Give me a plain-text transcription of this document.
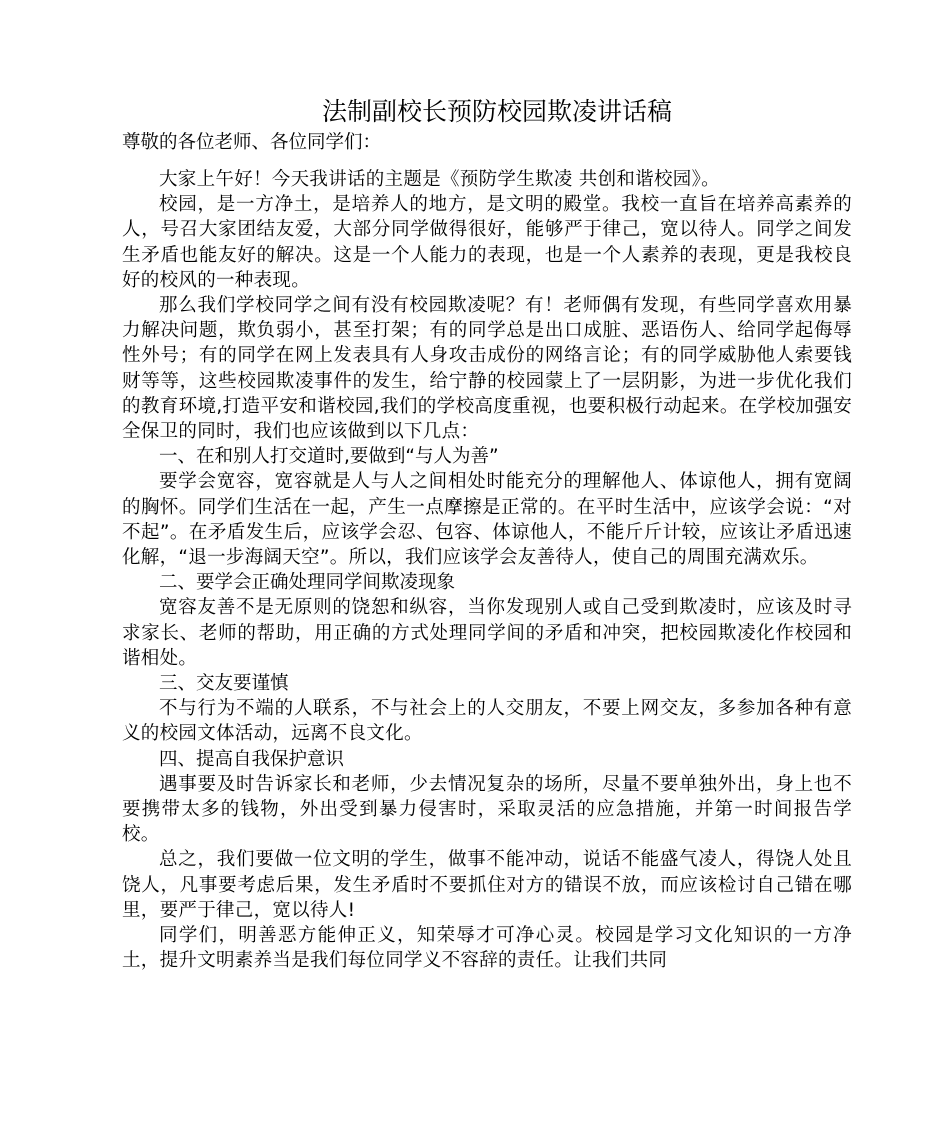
法制副校长预防校园欺凌讲话稿

尊敬的各位老师、各位同学们：

大家上午好！今天我讲话的主题是《预防学生欺凌 共创和谐校园》。

校园，是一方净土，是培养人的地方，是文明的殿堂。我校一直旨在培养高素养的人，号召大家团结友爱，大部分同学做得很好，能够严于律己，宽以待人。同学之间发生矛盾也能友好的解决。这是一个人能力的表现，也是一个人素养的表现，更是我校良好的校风的一种表现。

那么我们学校同学之间有没有校园欺凌呢？有！老师偶有发现，有些同学喜欢用暴力解决问题，欺负弱小，甚至打架；有的同学总是出口成脏、恶语伤人、给同学起侮辱性外号；有的同学在网上发表具有人身攻击成份的网络言论；有的同学威胁他人索要钱财等等，这些校园欺凌事件的发生，给宁静的校园蒙上了一层阴影，为进一步优化我们的教育环境,打造平安和谐校园,我们的学校高度重视，也要积极行动起来。在学校加强安全保卫的同时，我们也应该做到以下几点：

一、在和别人打交道时,要做到“与人为善”

要学会宽容，宽容就是人与人之间相处时能充分的理解他人、体谅他人，拥有宽阔的胸怀。同学们生活在一起，产生一点摩擦是正常的。在平时生活中，应该学会说：“对不起”。在矛盾发生后，应该学会忍、包容、体谅他人，不能斤斤计较，应该让矛盾迅速化解，“退一步海阔天空”。所以，我们应该学会友善待人，使自己的周围充满欢乐。

二、要学会正确处理同学间欺凌现象

宽容友善不是无原则的饶恕和纵容，当你发现别人或自己受到欺凌时，应该及时寻求家长、老师的帮助，用正确的方式处理同学间的矛盾和冲突，把校园欺凌化作校园和谐相处。

三、交友要谨慎

不与行为不端的人联系，不与社会上的人交朋友，不要上网交友，多参加各种有意义的校园文体活动，远离不良文化。

四、提高自我保护意识

遇事要及时告诉家长和老师，少去情况复杂的场所，尽量不要单独外出，身上也不要携带太多的钱物，外出受到暴力侵害时，采取灵活的应急措施，并第一时间报告学校。

总之，我们要做一位文明的学生，做事不能冲动，说话不能盛气凌人，得饶人处且饶人，凡事要考虑后果，发生矛盾时不要抓住对方的错误不放，而应该检讨自己错在哪里，要严于律己，宽以待人!

同学们，明善恶方能伸正义，知荣辱才可净心灵。校园是学习文化知识的一方净土，提升文明素养当是我们每位同学义不容辞的责任。让我们共同
